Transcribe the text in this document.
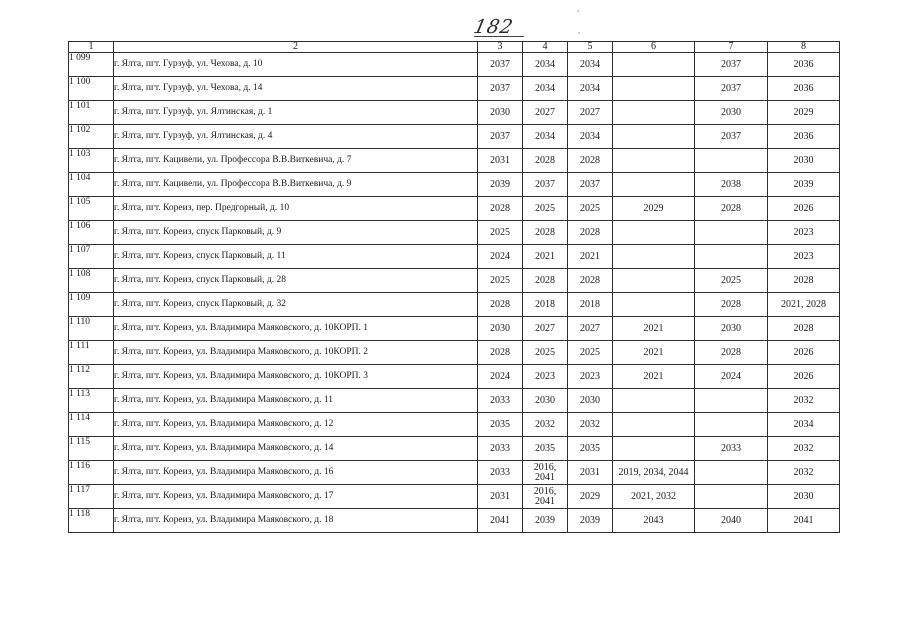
182
1	2	3	4	5	6	7	8
1 099	г. Ялта, пгт. Гурзуф, ул. Чехова, д. 10	2037	2034	2034		2037	2036
1 100	г. Ялта, пгт. Гурзуф, ул. Чехова, д. 14	2037	2034	2034		2037	2036
1 101	г. Ялта, пгт. Гурзуф, ул. Ялтинская, д. 1	2030	2027	2027		2030	2029
1 102	г. Ялта, пгт. Гурзуф, ул. Ялтинская, д. 4	2037	2034	2034		2037	2036
1 103	г. Ялта, пгт. Кацивели, ул. Профессора В.В.Виткевича, д. 7	2031	2028	2028			2030
1 104	г. Ялта, пгт. Кацивели, ул. Профессора В.В.Виткевича, д. 9	2039	2037	2037		2038	2039
1 105	г. Ялта, пгт. Кореиз, пер. Предгорный, д. 10	2028	2025	2025	2029	2028	2026
1 106	г. Ялта, пгт. Кореиз, спуск Парковый, д. 9	2025	2028	2028			2023
1 107	г. Ялта, пгт. Кореиз, спуск Парковый, д. 11	2024	2021	2021			2023
1 108	г. Ялта, пгт. Кореиз, спуск Парковый, д. 28	2025	2028	2028		2025	2028
1 109	г. Ялта, пгт. Кореиз, спуск Парковый, д. 32	2028	2018	2018		2028	2021, 2028
1 110	г. Ялта, пгт. Кореиз, ул. Владимира Маяковского, д. 10КОРП. 1	2030	2027	2027	2021	2030	2028
1 111	г. Ялта, пгт. Кореиз, ул. Владимира Маяковского, д. 10КОРП. 2	2028	2025	2025	2021	2028	2026
1 112	г. Ялта, пгт. Кореиз, ул. Владимира Маяковского, д. 10КОРП. 3	2024	2023	2023	2021	2024	2026
1 113	г. Ялта, пгт. Кореиз, ул. Владимира Маяковского, д. 11	2033	2030	2030			2032
1 114	г. Ялта, пгт. Кореиз, ул. Владимира Маяковского, д. 12	2035	2032	2032			2034
1 115	г. Ялта, пгт. Кореиз, ул. Владимира Маяковского, д. 14	2033	2035	2035		2033	2032
1 116	г. Ялта, пгт. Кореиз, ул. Владимира Маяковского, д. 16	2033	2016, 2041	2031	2019, 2034, 2044		2032
1 117	г. Ялта, пгт. Кореиз, ул. Владимира Маяковского, д. 17	2031	2016, 2041	2029	2021, 2032		2030
1 118	г. Ялта, пгт. Кореиз, ул. Владимира Маяковского, д. 18	2041	2039	2039	2043	2040	2041
